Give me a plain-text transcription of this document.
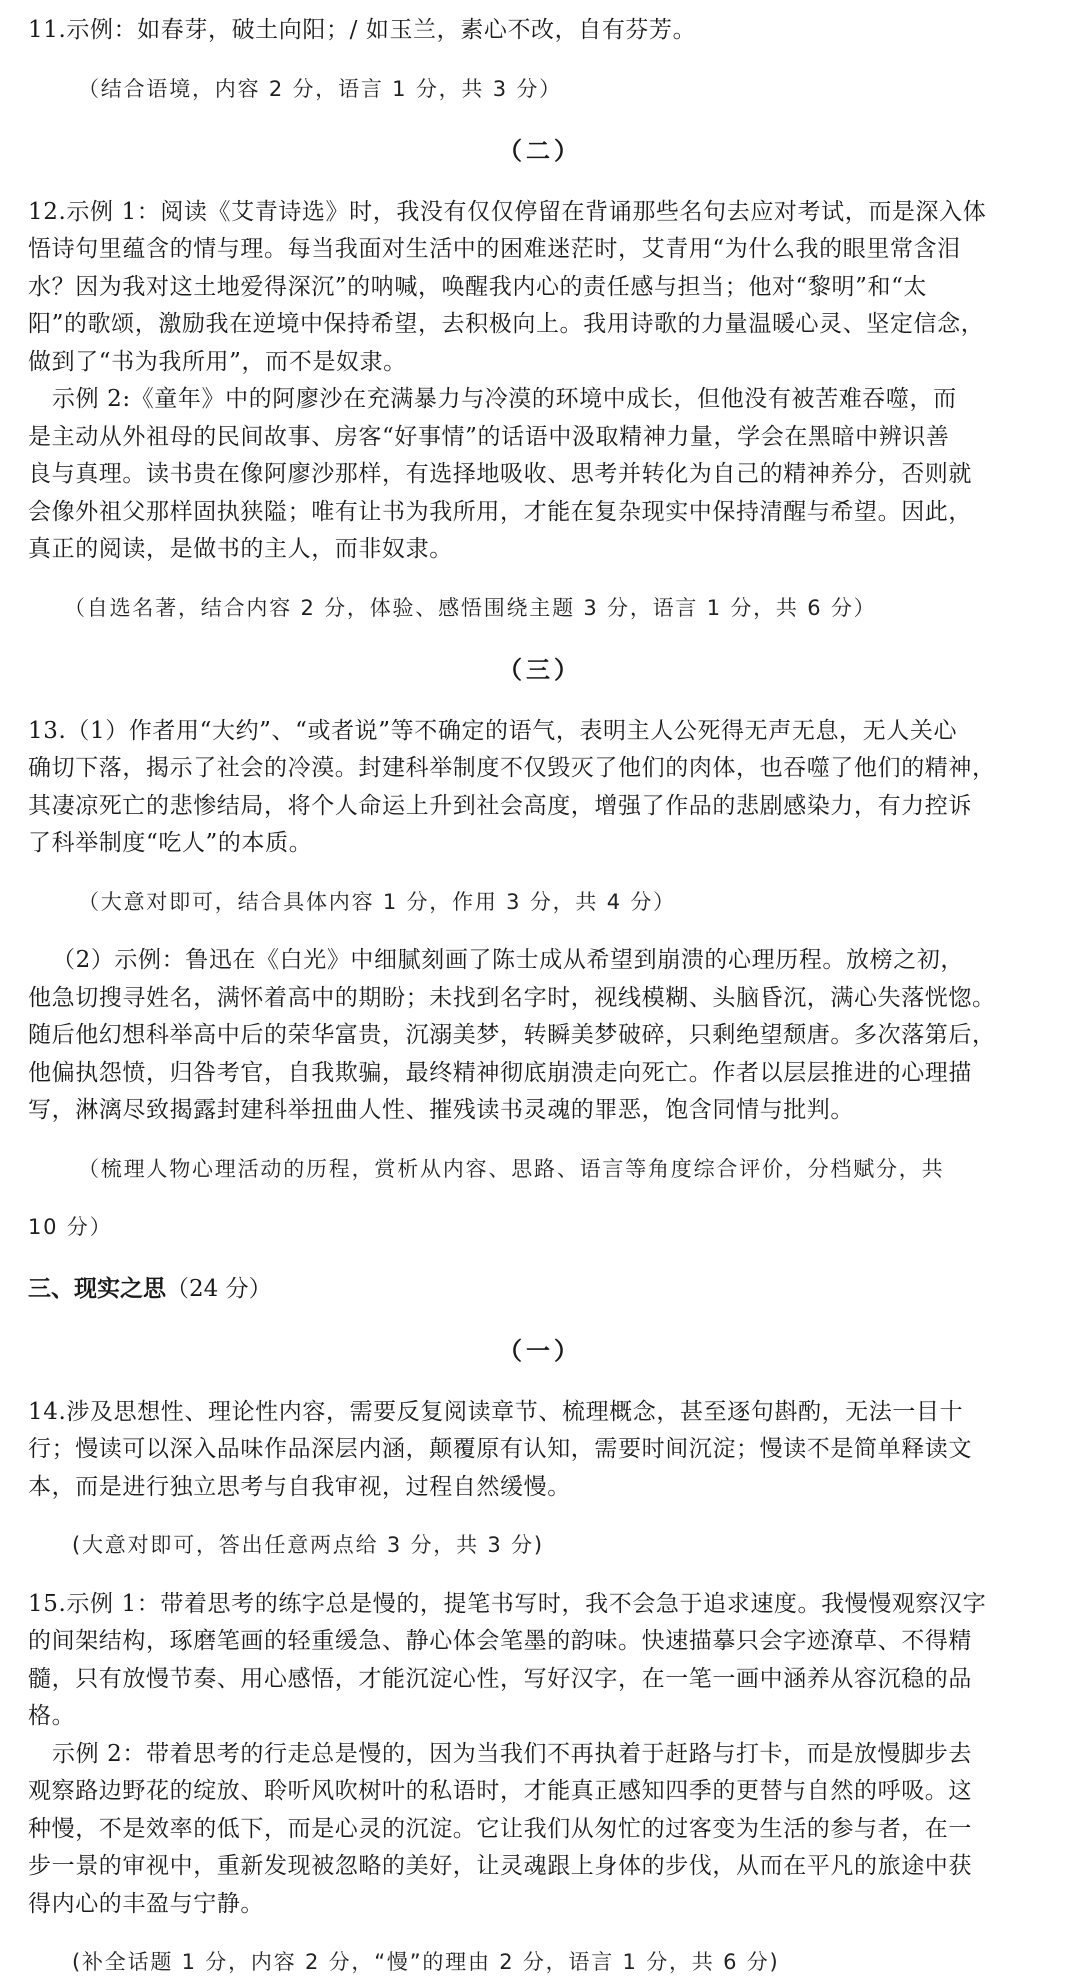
11.示例：如春芽，破土向阳；/ 如玉兰，素心不改，自有芬芳。

（结合语境，内容 2 分，语言 1 分，共 3 分）

（二）

12.示例 1：阅读《艾青诗选》时，我没有仅仅停留在背诵那些名句去应对考试，而是深入体

悟诗句里蕴含的情与理。每当我面对生活中的困难迷茫时，艾青用“为什么我的眼里常含泪

水？因为我对这土地爱得深沉”的呐喊，唤醒我内心的责任感与担当；他对“黎明”和“太

阳”的歌颂，激励我在逆境中保持希望，去积极向上。我用诗歌的力量温暖心灵、坚定信念，

做到了“书为我所用”，而不是奴隶。

示例 2:《童年》中的阿廖沙在充满暴力与冷漠的环境中成长，但他没有被苦难吞噬，而

是主动从外祖母的民间故事、房客“好事情”的话语中汲取精神力量，学会在黑暗中辨识善

良与真理。读书贵在像阿廖沙那样，有选择地吸收、思考并转化为自己的精神养分，否则就

会像外祖父那样固执狭隘；唯有让书为我所用，才能在复杂现实中保持清醒与希望。因此，

真正的阅读，是做书的主人，而非奴隶。

（自选名著，结合内容 2 分，体验、感悟围绕主题 3 分，语言 1 分，共 6 分）

（三）

13.（1）作者用“大约”、“或者说”等不确定的语气，表明主人公死得无声无息，无人关心

确切下落，揭示了社会的冷漠。封建科举制度不仅毁灭了他们的肉体，也吞噬了他们的精神，

其凄凉死亡的悲惨结局，将个人命运上升到社会高度，增强了作品的悲剧感染力，有力控诉

了科举制度“吃人”的本质。

（大意对即可，结合具体内容 1 分，作用 3 分，共 4 分）

（2）示例：鲁迅在《白光》中细腻刻画了陈士成从希望到崩溃的心理历程。放榜之初，

他急切搜寻姓名，满怀着高中的期盼；未找到名字时，视线模糊、头脑昏沉，满心失落恍惚。

随后他幻想科举高中后的荣华富贵，沉溺美梦，转瞬美梦破碎，只剩绝望颓唐。多次落第后，

他偏执怨愤，归咎考官，自我欺骗，最终精神彻底崩溃走向死亡。作者以层层推进的心理描

写，淋漓尽致揭露封建科举扭曲人性、摧残读书灵魂的罪恶，饱含同情与批判。

（梳理人物心理活动的历程，赏析从内容、思路、语言等角度综合评价，分档赋分，共

10 分）

三、现实之思（24 分）

（一）

14.涉及思想性、理论性内容，需要反复阅读章节、梳理概念，甚至逐句斟酌，无法一目十

行；慢读可以深入品味作品深层内涵，颠覆原有认知，需要时间沉淀；慢读不是简单释读文

本，而是进行独立思考与自我审视，过程自然缓慢。

(大意对即可，答出任意两点给 3 分，共 3 分)

15.示例 1：带着思考的练字总是慢的，提笔书写时，我不会急于追求速度。我慢慢观察汉字

的间架结构，琢磨笔画的轻重缓急、静心体会笔墨的韵味。快速描摹只会字迹潦草、不得精

髓，只有放慢节奏、用心感悟，才能沉淀心性，写好汉字，在一笔一画中涵养从容沉稳的品

格。

示例 2：带着思考的行走总是慢的，因为当我们不再执着于赶路与打卡，而是放慢脚步去

观察路边野花的绽放、聆听风吹树叶的私语时，才能真正感知四季的更替与自然的呼吸。这

种慢，不是效率的低下，而是心灵的沉淀。它让我们从匆忙的过客变为生活的参与者，在一

步一景的审视中，重新发现被忽略的美好，让灵魂跟上身体的步伐，从而在平凡的旅途中获

得内心的丰盈与宁静。

(补全话题 1 分，内容 2 分，“慢”的理由 2 分，语言 1 分，共 6 分)
